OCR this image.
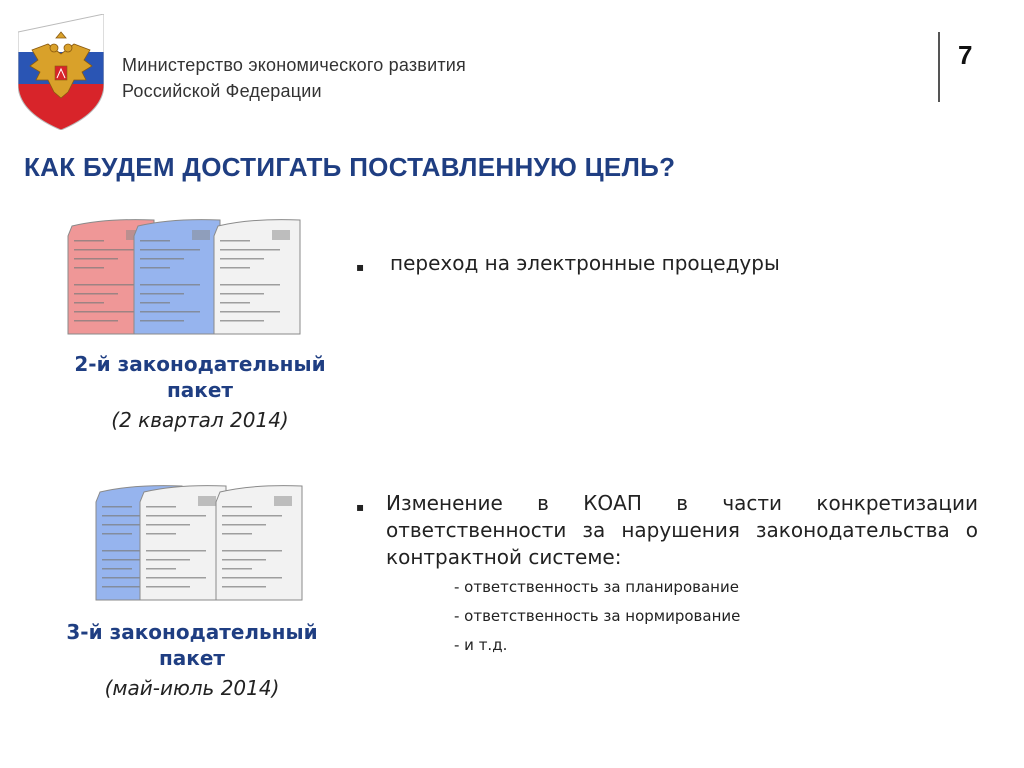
Министерство экономического развития
Российской Федерации
7
КАК БУДЕМ ДОСТИГАТЬ ПОСТАВЛЕННУЮ ЦЕЛЬ?
2-й законодательный пакет
(2 квартал 2014)
3-й законодательный пакет
(май-июль 2014)
▪ переход на электронные процедуры
▪ Изменение в КОАП в части конкретизации ответственности за нарушения законодательства о контрактной системе:
- ответственность за планирование
- ответственность за нормирование
- и т.д.
